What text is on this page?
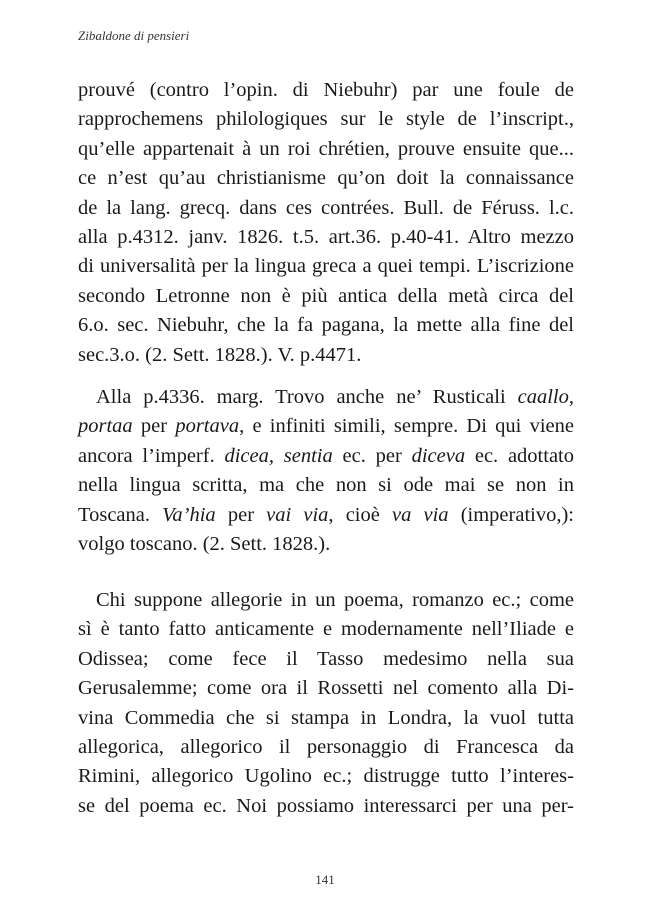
Zibaldone di pensieri

prouvé (contro l’opin. di Niebuhr) par une foule de
rapprochemens philologiques sur le style de l’inscript.,
qu’elle appartenait à un roi chrétien, prouve ensuite que...
ce n’est qu’au christianisme qu’on doit la connaissance
de la lang. grecq. dans ces contrées. Bull. de Féruss. l.c.
alla p.4312. janv. 1826. t.5. art.36. p.40-41. Altro mezzo
di universalità per la lingua greca a quei tempi. L’iscrizione
secondo Letronne non è più antica della metà circa del
6.o. sec. Niebuhr, che la fa pagana, la mette alla fine del
sec.3.o. (2. Sett. 1828.). V. p.4471.

Alla p.4336. marg. Trovo anche ne’ Rusticali caallo,
portaa per portava, e infiniti simili, sempre. Di qui viene
ancora l’imperf. dicea, sentia ec. per diceva ec. adottato
nella lingua scritta, ma che non si ode mai se non in
Toscana. Va’hia per vai via, cioè va via (imperativo,):
volgo toscano. (2. Sett. 1828.).

Chi suppone allegorie in un poema, romanzo ec.; come
sì è tanto fatto anticamente e modernamente nell’Iliade e
Odissea; come fece il Tasso medesimo nella sua
Gerusalemme; come ora il Rossetti nel comento alla Di-
vina Commedia che si stampa in Londra, la vuol tutta
allegorica, allegorico il personaggio di Francesca da
Rimini, allegorico Ugolino ec.; distrugge tutto l’interes-
se del poema ec. Noi possiamo interessarci per una per-

141
